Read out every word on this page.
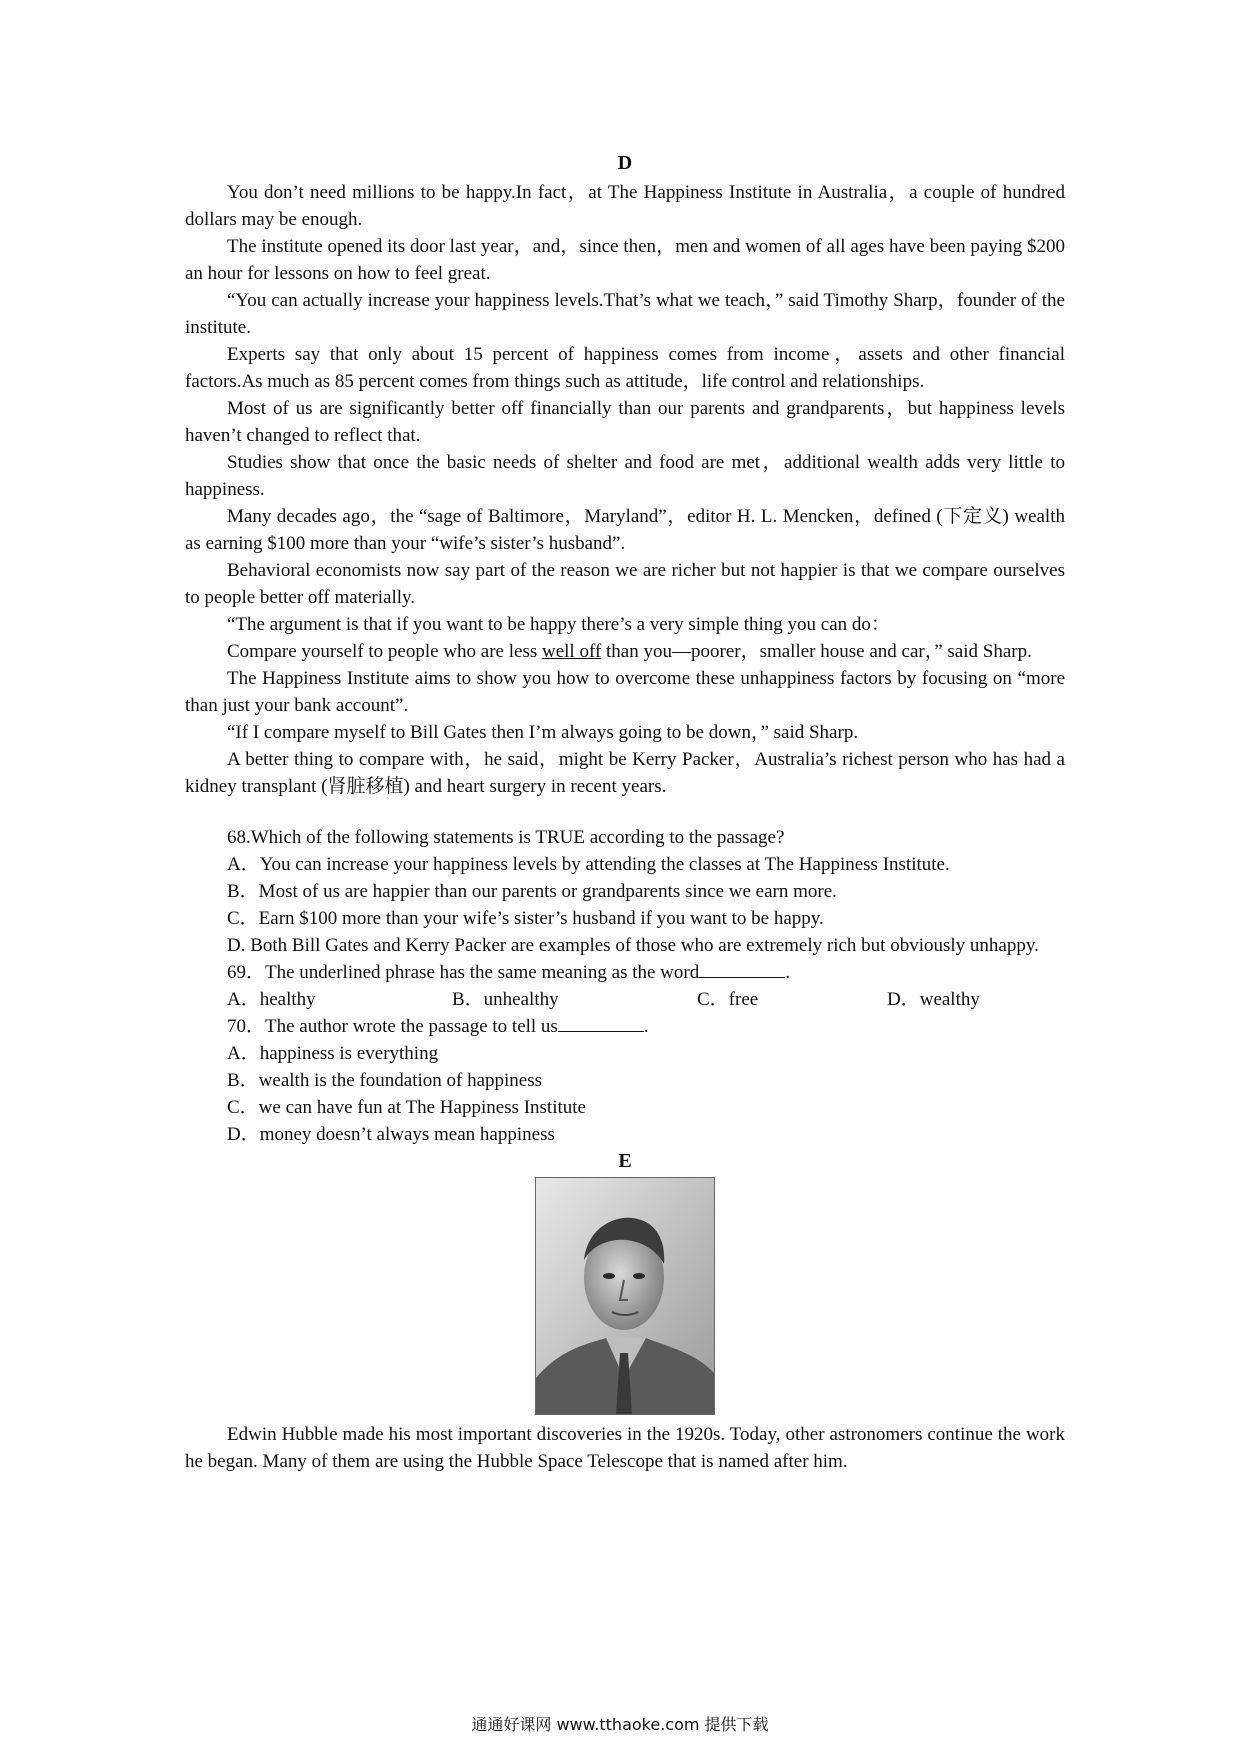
D

You don’t need millions to be happy.In fact，at The Happiness Institute in Australia，a couple of hundred dollars may be enough.

The institute opened its door last year，and，since then，men and women of all ages have been paying $200 an hour for lessons on how to feel great.

“You can actually increase your happiness levels.That’s what we teach，” said Timothy Sharp，founder of the institute.

Experts say that only about 15 percent of happiness comes from income，assets and other financial factors.As much as 85 percent comes from things such as attitude，life control and relationships.

Most of us are significantly better off financially than our parents and grandparents，but happiness levels haven’t changed to reflect that.

Studies show that once the basic needs of shelter and food are met，additional wealth adds very little to happiness.

Many decades ago，the “sage of Baltimore，Maryland”，editor H. L. Mencken，defined (下定义) wealth as earning $100 more than your “wife’s sister’s husband”.

Behavioral economists now say part of the reason we are richer but not happier is that we compare ourselves to people better off materially.

“The argument is that if you want to be happy there’s a very simple thing you can do：

Compare yourself to people who are less well off than you—poorer，smaller house and car，” said Sharp.

The Happiness Institute aims to show you how to overcome these unhappiness factors by focusing on “more than just your bank account”.

“If I compare myself to Bill Gates then I’m always going to be down，” said Sharp.

A better thing to compare with，he said，might be Kerry Packer，Australia’s richest person who has had a kidney transplant (肾脏移植) and heart surgery in recent years.

68.Which of the following statements is TRUE according to the passage?

A．You can increase your happiness levels by attending the classes at The Happiness Institute.

B．Most of us are happier than our parents or grandparents since we earn more.

C．Earn $100 more than your wife’s sister’s husband if you want to be happy.

D. Both Bill Gates and Kerry Packer are examples of those who are extremely rich but obviously unhappy.

69．The underlined phrase has the same meaning as the word	.

A．healthy	B．unhealthy	C．free	D．wealthy

70．The author wrote the passage to tell us	.

A．happiness is everything

B．wealth is the foundation of happiness

C．we can have fun at The Happiness Institute

D．money doesn’t always mean happiness

E

Edwin Hubble made his most important discoveries in the 1920s. Today, other astronomers continue the work he began. Many of them are using the Hubble Space Telescope that is named after him.

通通好课网 www.tthaoke.com 提供下载
